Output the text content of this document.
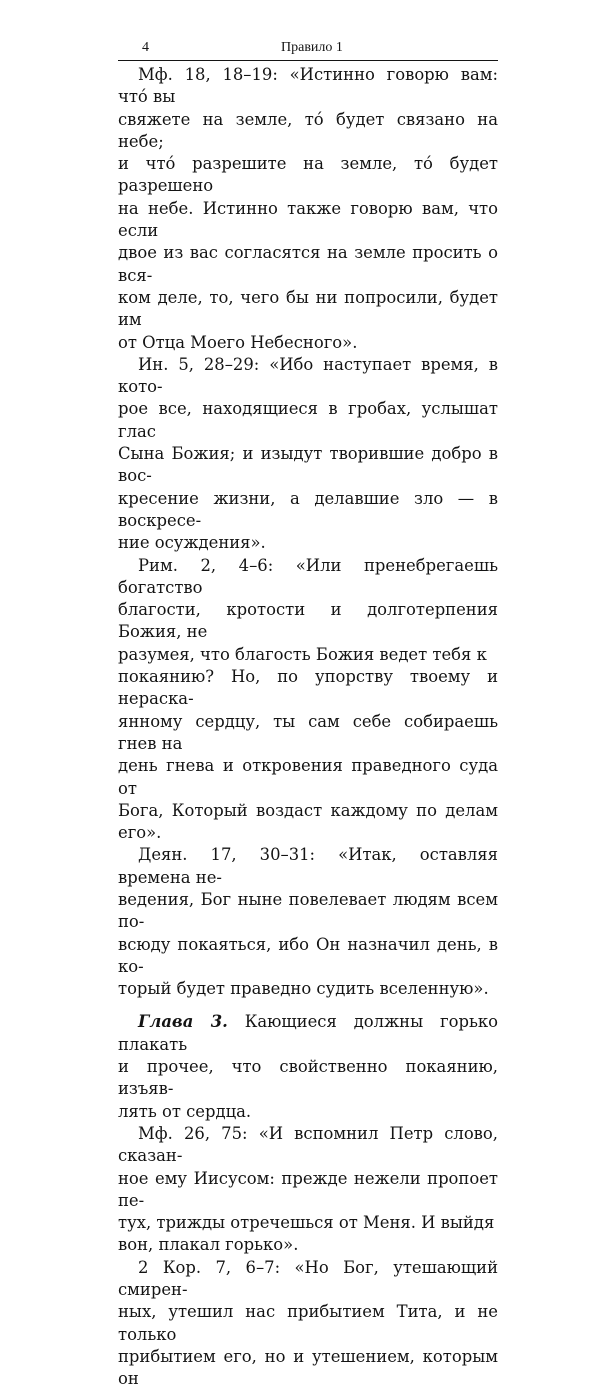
4	Правило 1

Мф. 18, 18–19: «Истинно говорю вам: что́ вы
свяжете на земле, то́ будет связано на небе;
и что́ разрешите на земле, то́ будет разрешено
на небе. Истинно также говорю вам, что если
двое из вас согласятся на земле просить о вся-
ком деле, то, чего бы ни попросили, будет им
от Отца Моего Небесного».

Ин. 5, 28–29: «Ибо наступает время, в кото-
рое все, находящиеся в гробах, услышат глас
Сына Божия; и изыдут творившие добро в вос-
кресение жизни, а делавшие зло — в воскресе-
ние осуждения».

Рим. 2, 4–6: «Или пренебрегаешь богатство
благости, кротости и долготерпения Божия, не
разумея, что благость Божия ведет тебя к
покаянию? Но, по упорству твоему и нераска-
янному сердцу, ты сам себе собираешь гнев на
день гнева и откровения праведного суда от
Бога, Который воздаст каждому по делам его».

Деян. 17, 30–31: «Итак, оставляя времена не-
ведения, Бог ныне повелевает людям всем по-
всюду покаяться, ибо Он назначил день, в ко-
торый будет праведно судить вселенную».

Глава 3. Кающиеся должны горько плакать
и прочее, что свойственно покаянию, изъяв-
лять от сердца.

Мф. 26, 75: «И вспомнил Петр слово, сказан-
ное ему Иисусом: прежде нежели пропоет пе-
тух, трижды отречешься от Меня. И выйдя
вон, плакал горько».

2 Кор. 7, 6–7: «Но Бог, утешающий смирен-
ных, утешил нас прибытием Тита, и не только
прибытием его, но и утешением, которым он
